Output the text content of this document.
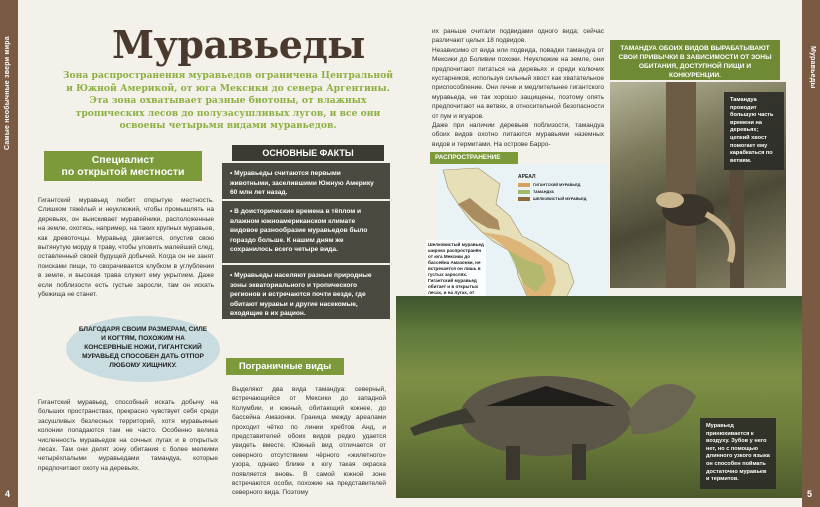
Самые необычные звери мира
4
Муравьеды
5
Муравьеды
Зона распространения муравьедов ограничена Центральной и Южной Америкой, от юга Мексики до севера Аргентины. Эта зона охватывает разные биотопы, от влажных тропических лесов до полузасушливых лугов, и все они освоены четырьмя видами муравьедов.
Специалист
по открытой местности
Гигантский муравьед любит открытую местность. Слишком тяжёлый и неуклюжий, чтобы промышлять на деревьях, он выискивает муравейники, расположенные на земле, охотясь, например, на таких крупных муравьев, как древоточцы. Муравьед двигается, опустив свою вытянутую морду в траву, чтобы уловить малейший след, оставленный своей будущей добычей. Когда он не занят поисками пищи, то сворачивается клубком в углублении в земле, и высокая трава служит ему укрытием. Даже если поблизости есть густые заросли, там он искать убежища не станет.
БЛАГОДАРЯ СВОИМ РАЗМЕРАМ, СИЛЕ И КОГТЯМ, ПОХОЖИМ НА КОНСЕРВНЫЕ НОЖИ, ГИГАНТСКИЙ МУРАВЬЕД СПОСОБЕН ДАТЬ ОТПОР ЛЮБОМУ ХИЩНИКУ.
Гигантский муравьед, способный искать добычу на больших пространствах, прекрасно чувствует себя среди засушливых безлесных территорий, хотя муравьиные колонии попадаются там не часто. Особенно велика численность муравьедов на сочных лугах и в открытых лесах. Там они делят зону обитания с более мелкими четырёхпалыми муравьедами тамандуа, которые предпочитают охоту на деревьях.
ОСНОВНЫЕ ФАКТЫ
• Муравьеды считаются первыми животными, заселившими Южную Америку 60 млн лет назад.
• В доисторические времена в тёплом и влажном южноамериканском климате видовое разнообразие муравьедов было гораздо больше. К нашим дням же сохранилось всего четыре вида.
• Муравьеды населяют разные природные зоны экваториального и тропического регионов и встречаются почти везде, где обитают муравьи и другие насекомые, входящие в их рацион.
Пограничные виды
Выделяют два вида тамандуа: северный, встречающийся от Мексики до западной Колумбии, и южный, обитающий южнее, до бассейна Амазонки. Граница между ареалами проходит чётко по линии хребтов Анд, и представителей обоих видов редко удается увидеть вместе. Южный вид отличается от северного отсутствием чёрного «жилетного» узора, однако ближе к югу такая окраска появляется вновь. В самой южной зоне встречаются особи, похожие на представителей северного вида. Поэтому
их раньше считали подвидами одного вида; сейчас различают целых 18 подвидов.
Независимо от вида или подвида, повадки тамандуа от Мексики до Боливии похожи. Неуклюжие на земле, они предпочитают питаться на деревьях и среди колючих кустарников, используя сильный хвост как хватательное приспособление. Они гечне и медлительнее гигантского муравьеда, не так хорошо защищены, поэтому опять предпочитают на ветвях, в относительной безопасности от пум и ягуаров.
Даже при наличии деревьев поблизости, тамандуа обоих видов охотно питаются муравьями наземных видов и термитами. На острове Барро-
РАСПРОСТРАНЕНИЕ
АРЕАЛ
ГИГАНТСКИЙ МУРАВЬЕД
ТАМАНДУА
ШЕЛКОВИСТЫЙ МУРАВЬЕД
Шелковистый муравьед широко распространён от юга Мексики до бассейна Амазонки, не встречается он лишь в густых зарослях. Гигантский муравьед обитает и в открытых лесах, и на лугах, от
ТАМАНДУА ОБОИХ ВИДОВ ВЫРАБАТЫВАЮТ СВОИ ПРИВЫЧКИ В ЗАВИСИМОСТИ ОТ ЗОНЫ ОБИТАНИЯ, ДОСТУПНОЙ ПИЩИ И КОНКУРЕНЦИИ.
Тамандуа проводит большую часть времени на деревьях; цепкий хвост помогает ему карабкаться по ветвям.
Муравьед принюхивается к воздуху. Зубов у него нет, но с помощью длинного узкого языка он способен поймать достаточно муравьев и термитов.
